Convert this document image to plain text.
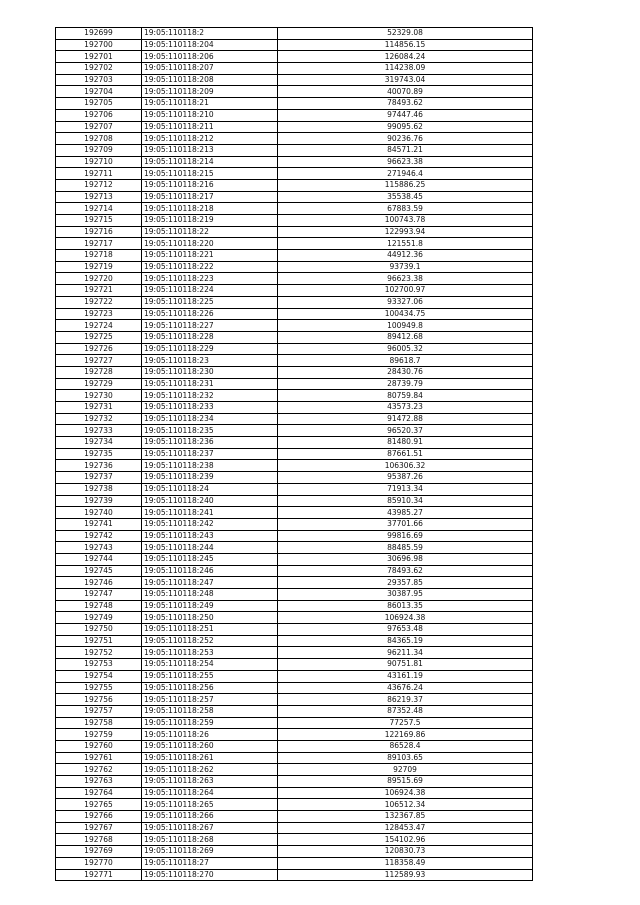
192699	19:05:110118:2	52329.08
192700	19:05:110118:204	114856.15
192701	19:05:110118:206	126084.24
192702	19:05:110118:207	114238.09
192703	19:05:110118:208	319743.04
192704	19:05:110118:209	40070.89
192705	19:05:110118:21	78493.62
192706	19:05:110118:210	97447.46
192707	19:05:110118:211	99095.62
192708	19:05:110118:212	90236.76
192709	19:05:110118:213	84571.21
192710	19:05:110118:214	96623.38
192711	19:05:110118:215	271946.4
192712	19:05:110118:216	115886.25
192713	19:05:110118:217	35538.45
192714	19:05:110118:218	67883.59
192715	19:05:110118:219	100743.78
192716	19:05:110118:22	122993.94
192717	19:05:110118:220	121551.8
192718	19:05:110118:221	44912.36
192719	19:05:110118:222	93739.1
192720	19:05:110118:223	96623.38
192721	19:05:110118:224	102700.97
192722	19:05:110118:225	93327.06
192723	19:05:110118:226	100434.75
192724	19:05:110118:227	100949.8
192725	19:05:110118:228	89412.68
192726	19:05:110118:229	96005.32
192727	19:05:110118:23	89618.7
192728	19:05:110118:230	28430.76
192729	19:05:110118:231	28739.79
192730	19:05:110118:232	80759.84
192731	19:05:110118:233	43573.23
192732	19:05:110118:234	91472.88
192733	19:05:110118:235	96520.37
192734	19:05:110118:236	81480.91
192735	19:05:110118:237	87661.51
192736	19:05:110118:238	106306.32
192737	19:05:110118:239	95387.26
192738	19:05:110118:24	71913.34
192739	19:05:110118:240	85910.34
192740	19:05:110118:241	43985.27
192741	19:05:110118:242	37701.66
192742	19:05:110118:243	99816.69
192743	19:05:110118:244	88485.59
192744	19:05:110118:245	30696.98
192745	19:05:110118:246	78493.62
192746	19:05:110118:247	29357.85
192747	19:05:110118:248	30387.95
192748	19:05:110118:249	86013.35
192749	19:05:110118:250	106924.38
192750	19:05:110118:251	97653.48
192751	19:05:110118:252	84365.19
192752	19:05:110118:253	96211.34
192753	19:05:110118:254	90751.81
192754	19:05:110118:255	43161.19
192755	19:05:110118:256	43676.24
192756	19:05:110118:257	86219.37
192757	19:05:110118:258	87352.48
192758	19:05:110118:259	77257.5
192759	19:05:110118:26	122169.86
192760	19:05:110118:260	86528.4
192761	19:05:110118:261	89103.65
192762	19:05:110118:262	92709
192763	19:05:110118:263	89515.69
192764	19:05:110118:264	106924.38
192765	19:05:110118:265	106512.34
192766	19:05:110118:266	132367.85
192767	19:05:110118:267	128453.47
192768	19:05:110118:268	154102.96
192769	19:05:110118:269	120830.73
192770	19:05:110118:27	118358.49
192771	19:05:110118:270	112589.93
